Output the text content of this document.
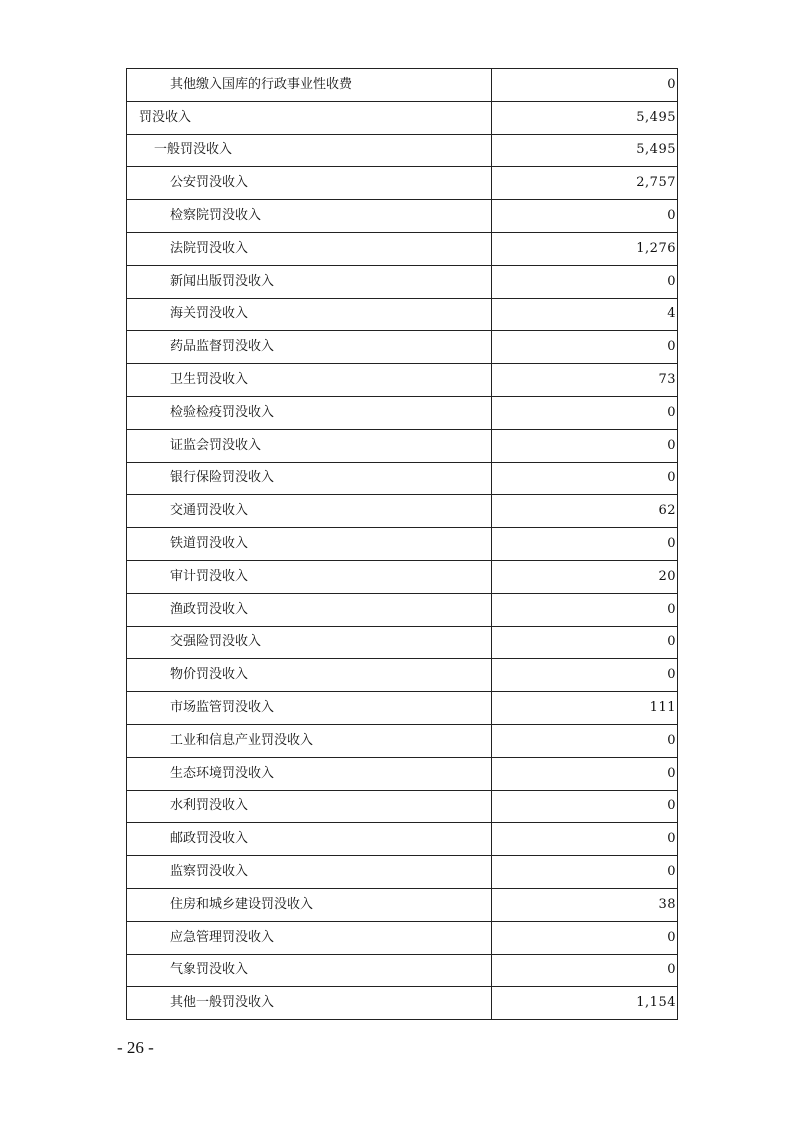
其他缴入国库的行政事业性收费	0
罚没收入	5,495
一般罚没收入	5,495
公安罚没收入	2,757
检察院罚没收入	0
法院罚没收入	1,276
新闻出版罚没收入	0
海关罚没收入	4
药品监督罚没收入	0
卫生罚没收入	73
检验检疫罚没收入	0
证监会罚没收入	0
银行保险罚没收入	0
交通罚没收入	62
铁道罚没收入	0
审计罚没收入	20
渔政罚没收入	0
交强险罚没收入	0
物价罚没收入	0
市场监管罚没收入	111
工业和信息产业罚没收入	0
生态环境罚没收入	0
水利罚没收入	0
邮政罚没收入	0
监察罚没收入	0
住房和城乡建设罚没收入	38
应急管理罚没收入	0
气象罚没收入	0
其他一般罚没收入	1,154
- 26 -
